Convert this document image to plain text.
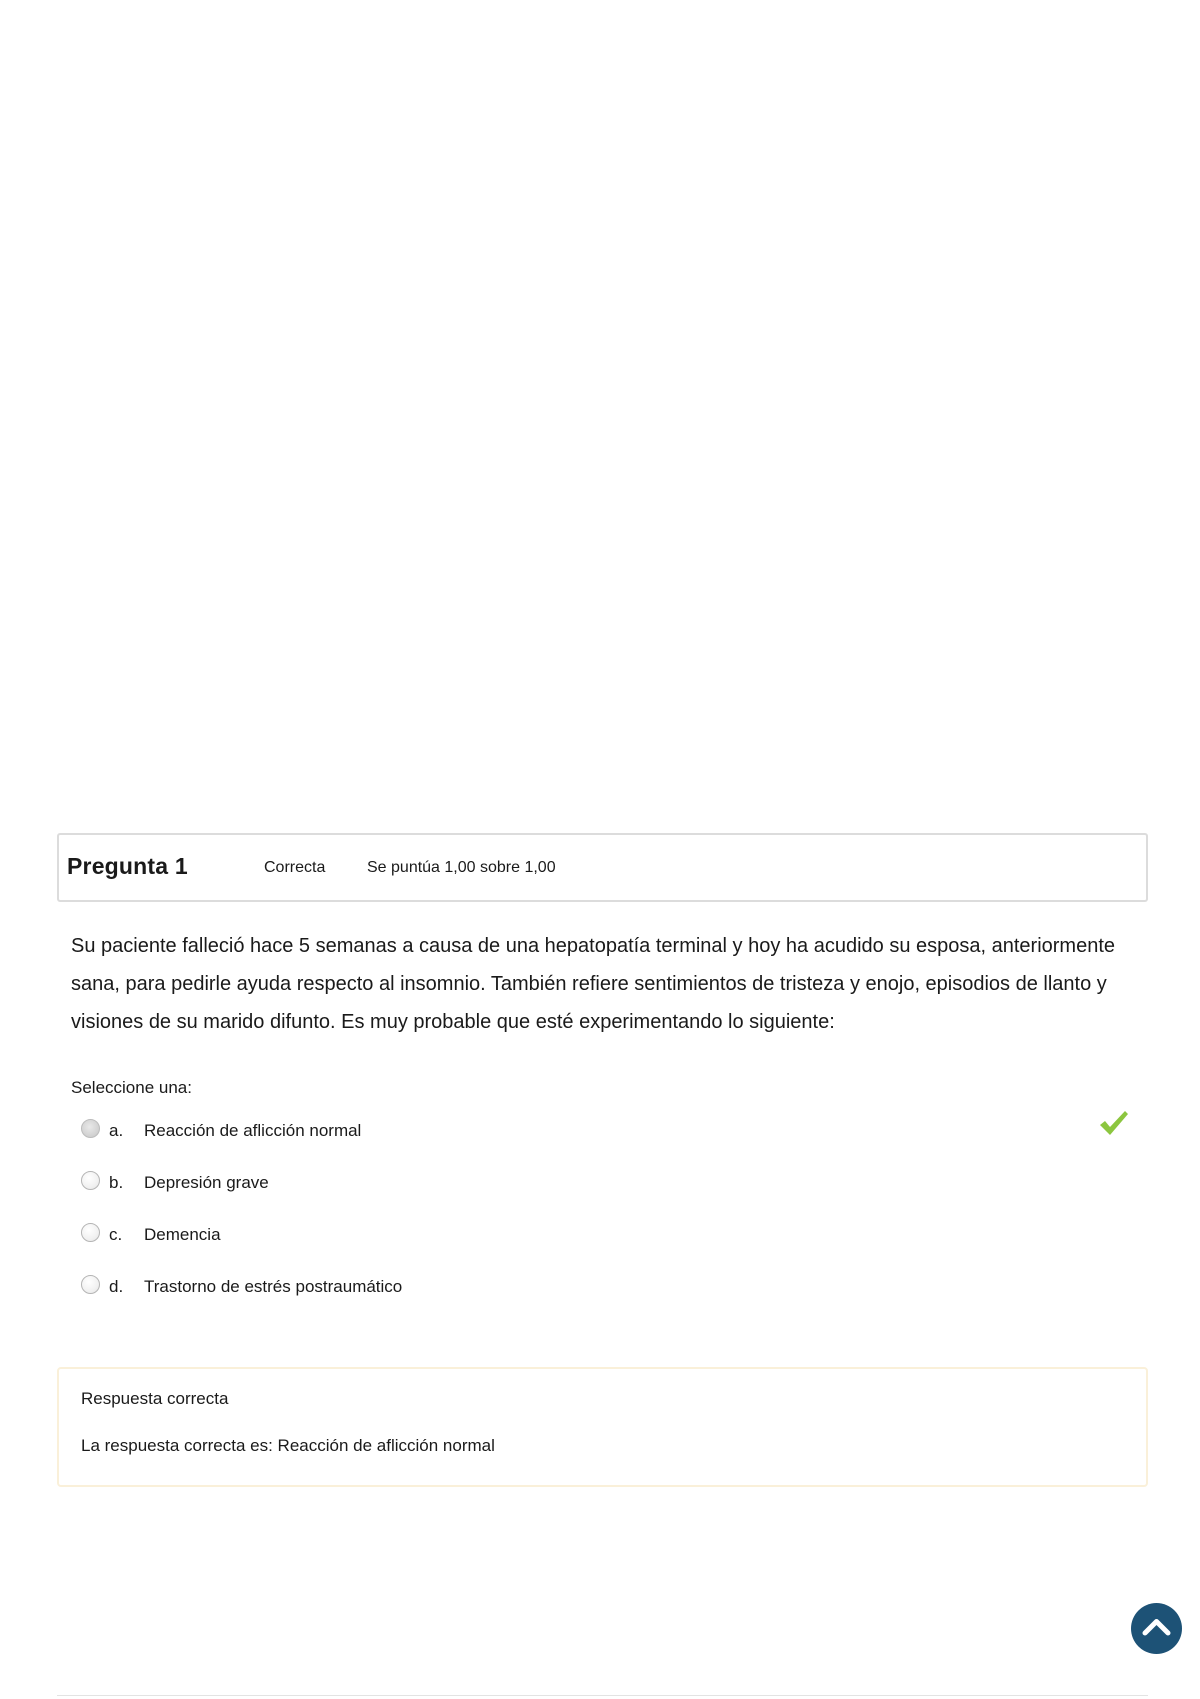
Pregunta 1	Correcta	Se puntúa 1,00 sobre 1,00

Su paciente falleció hace 5 semanas a causa de una hepatopatía terminal y hoy ha acudido su esposa, anteriormente sana, para pedirle ayuda respecto al insomnio. También refiere sentimientos de tristeza y enojo, episodios de llanto y visiones de su marido difunto. Es muy probable que esté experimentando lo siguiente:

Seleccione una:
a. Reacción de aflicción normal
b. Depresión grave
c. Demencia
d. Trastorno de estrés postraumático
Respuesta correcta
La respuesta correcta es: Reacción de aflicción normal
